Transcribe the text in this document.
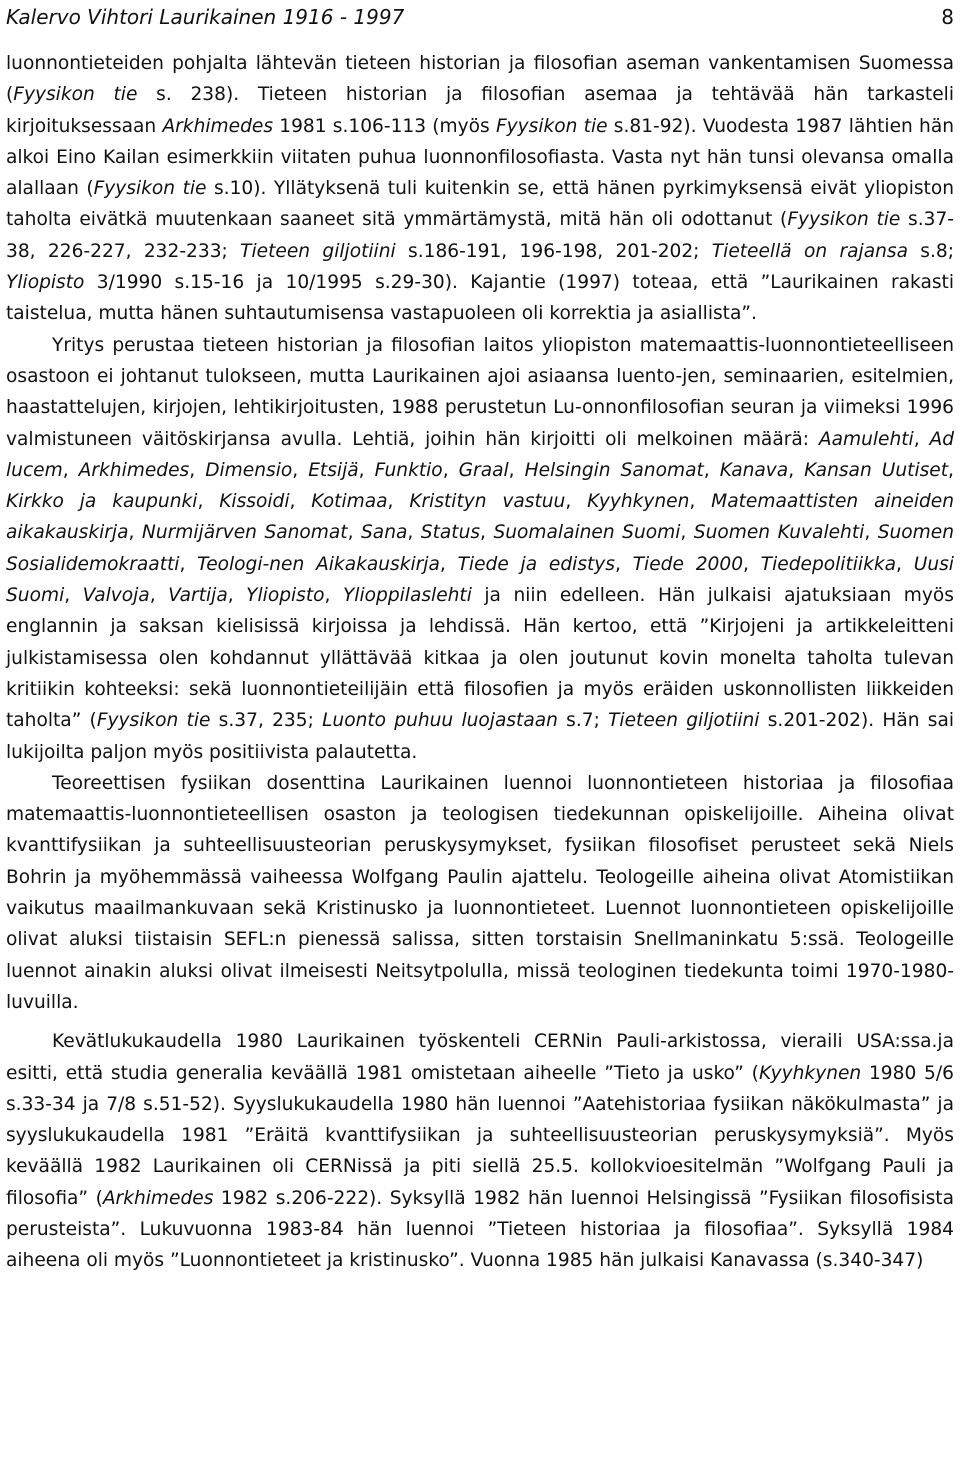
Kalervo Vihtori Laurikainen 1916 - 1997	8

luonnontieteiden pohjalta lähtevän tieteen historian ja filosofian aseman vankentamisen Suomessa (Fyysikon tie s. 238). Tieteen historian ja filosofian asemaa ja tehtävää hän tarkasteli kirjoituksessaan Arkhimedes 1981 s.106-113 (myös Fyysikon tie s.81-92). Vuodesta 1987 lähtien hän alkoi Eino Kailan esimerkkiin viitaten puhua luonnonfilosofiasta. Vasta nyt hän tunsi olevansa omalla alallaan (Fyysikon tie s.10). Yllätyksenä tuli kuitenkin se, että hänen pyrkimyksensä eivät yliopiston taholta eivätkä muutenkaan saaneet sitä ymmärtämystä, mitä hän oli odottanut (Fyysikon tie s.37-38, 226-227, 232-233; Tieteen giljotiini s.186-191, 196-198, 201-202; Tieteellä on rajansa s.8; Yliopisto 3/1990 s.15-16 ja 10/1995 s.29-30). Kajantie (1997) toteaa, että ”Laurikainen rakasti taistelua, mutta hänen suhtautumisensa vastapuoleen oli korrektia ja asiallista”.

Yritys perustaa tieteen historian ja filosofian laitos yliopiston matemaattis-luonnontieteelliseen osastoon ei johtanut tulokseen, mutta Laurikainen ajoi asiaansa luento-jen, seminaarien, esitelmien, haastattelujen, kirjojen, lehtikirjoitusten, 1988 perustetun Lu-onnonfilosofian seuran ja viimeksi 1996 valmistuneen väitöskirjansa avulla. Lehtiä, joihin hän kirjoitti oli melkoinen määrä: Aamulehti, Ad lucem, Arkhimedes, Dimensio, Etsijä, Funktio, Graal, Helsingin Sanomat, Kanava, Kansan Uutiset, Kirkko ja kaupunki, Kissoidi, Kotimaa, Kristityn vastuu, Kyyhkynen, Matemaattisten aineiden aikakauskirja, Nurmijärven Sanomat, Sana, Status, Suomalainen Suomi, Suomen Kuvalehti, Suomen Sosialidemokraatti, Teologi-nen Aikakauskirja, Tiede ja edistys, Tiede 2000, Tiedepolitiikka, Uusi Suomi, Valvoja, Vartija, Yliopisto, Ylioppilaslehti ja niin edelleen. Hän julkaisi ajatuksiaan myös englannin ja saksan kielisissä kirjoissa ja lehdissä. Hän kertoo, että ”Kirjojeni ja artikkeleitteni julkistamisessa olen kohdannut yllättävää kitkaa ja olen joutunut kovin monelta taholta tulevan kritiikin kohteeksi: sekä luonnontieteilijäin että filosofien ja myös eräiden uskonnollisten liikkeiden taholta” (Fyysikon tie s.37, 235; Luonto puhuu luojastaan s.7; Tieteen giljotiini s.201-202). Hän sai lukijoilta paljon myös positiivista palautetta.

Teoreettisen fysiikan dosenttina Laurikainen luennoi luonnontieteen historiaa ja filosofiaa matemaattis-luonnontieteellisen osaston ja teologisen tiedekunnan opiskelijoille. Aiheina olivat kvanttifysiikan ja suhteellisuusteorian peruskysymykset, fysiikan filosofiset perusteet sekä Niels Bohrin ja myöhemmässä vaiheessa Wolfgang Paulin ajattelu. Teologeille aiheina olivat Atomistiikan vaikutus maailmankuvaan sekä Kristinusko ja luonnontieteet. Luennot luonnontieteen opiskelijoille olivat aluksi tiistaisin SEFL:n pienessä salissa, sitten torstaisin Snellmaninkatu 5:ssä. Teologeille luennot ainakin aluksi olivat ilmeisesti Neitsytpolulla, missä teologinen tiedekunta toimi 1970-1980-luvuilla.

Kevätlukukaudella 1980 Laurikainen työskenteli CERNin Pauli-arkistossa, vieraili USA:ssa.ja esitti, että studia generalia keväällä 1981 omistetaan aiheelle ”Tieto ja usko” (Kyyhkynen 1980 5/6 s.33-34 ja 7/8 s.51-52). Syyslukukaudella 1980 hän luennoi ”Aatehistoriaa fysiikan näkökulmasta” ja syyslukukaudella 1981 ”Eräitä kvanttifysiikan ja suhteellisuusteorian peruskysymyksiä”. Myös keväällä 1982 Laurikainen oli CERNissä ja piti siellä 25.5. kollokvioesitelmän ”Wolfgang Pauli ja filosofia” (Arkhimedes 1982 s.206-222). Syksyllä 1982 hän luennoi Helsingissä ”Fysiikan filosofisista perusteista”. Lukuvuonna 1983-84 hän luennoi ”Tieteen historiaa ja filosofiaa”. Syksyllä 1984 aiheena oli myös ”Luonnontieteet ja kristinusko”. Vuonna 1985 hän julkaisi Kanavassa (s.340-347)
